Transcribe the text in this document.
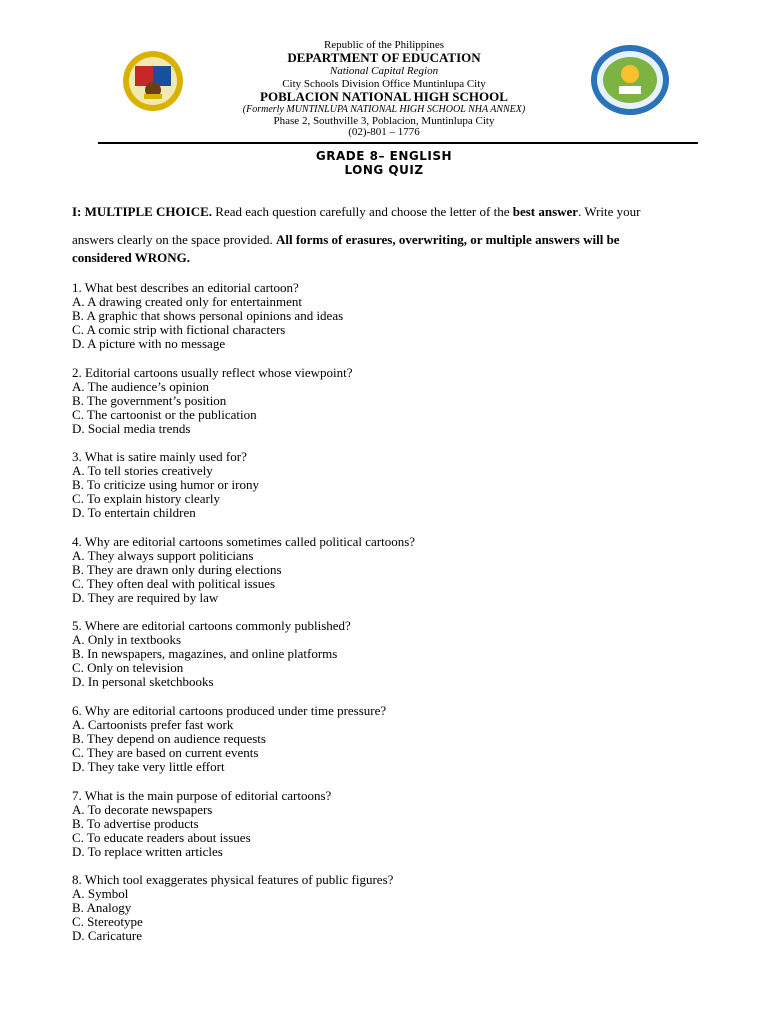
Republic of the Philippines
DEPARTMENT OF EDUCATION
National Capital Region
City Schools Division Office Muntinlupa City
POBLACION NATIONAL HIGH SCHOOL
(Formerly MUNTINLUPA NATIONAL HIGH SCHOOL NHA ANNEX)
Phase 2, Southville 3, Poblacion, Muntinlupa City
(02)-801 – 1776
GRADE 8– ENGLISH
LONG QUIZ
I: MULTIPLE CHOICE. Read each question carefully and choose the letter of the best answer. Write your
answers clearly on the space provided. All forms of erasures, overwriting, or multiple answers will be
considered WRONG.
1. What best describes an editorial cartoon?
A. A drawing created only for entertainment
B. A graphic that shows personal opinions and ideas
C. A comic strip with fictional characters
D. A picture with no message
2. Editorial cartoons usually reflect whose viewpoint?
A. The audience’s opinion
B. The government’s position
C. The cartoonist or the publication
D. Social media trends
3. What is satire mainly used for?
A. To tell stories creatively
B. To criticize using humor or irony
C. To explain history clearly
D. To entertain children
4. Why are editorial cartoons sometimes called political cartoons?
A. They always support politicians
B. They are drawn only during elections
C. They often deal with political issues
D. They are required by law
5. Where are editorial cartoons commonly published?
A. Only in textbooks
B. In newspapers, magazines, and online platforms
C. Only on television
D. In personal sketchbooks
6. Why are editorial cartoons produced under time pressure?
A. Cartoonists prefer fast work
B. They depend on audience requests
C. They are based on current events
D. They take very little effort
7. What is the main purpose of editorial cartoons?
A. To decorate newspapers
B. To advertise products
C. To educate readers about issues
D. To replace written articles
8. Which tool exaggerates physical features of public figures?
A. Symbol
B. Analogy
C. Stereotype
D. Caricature
